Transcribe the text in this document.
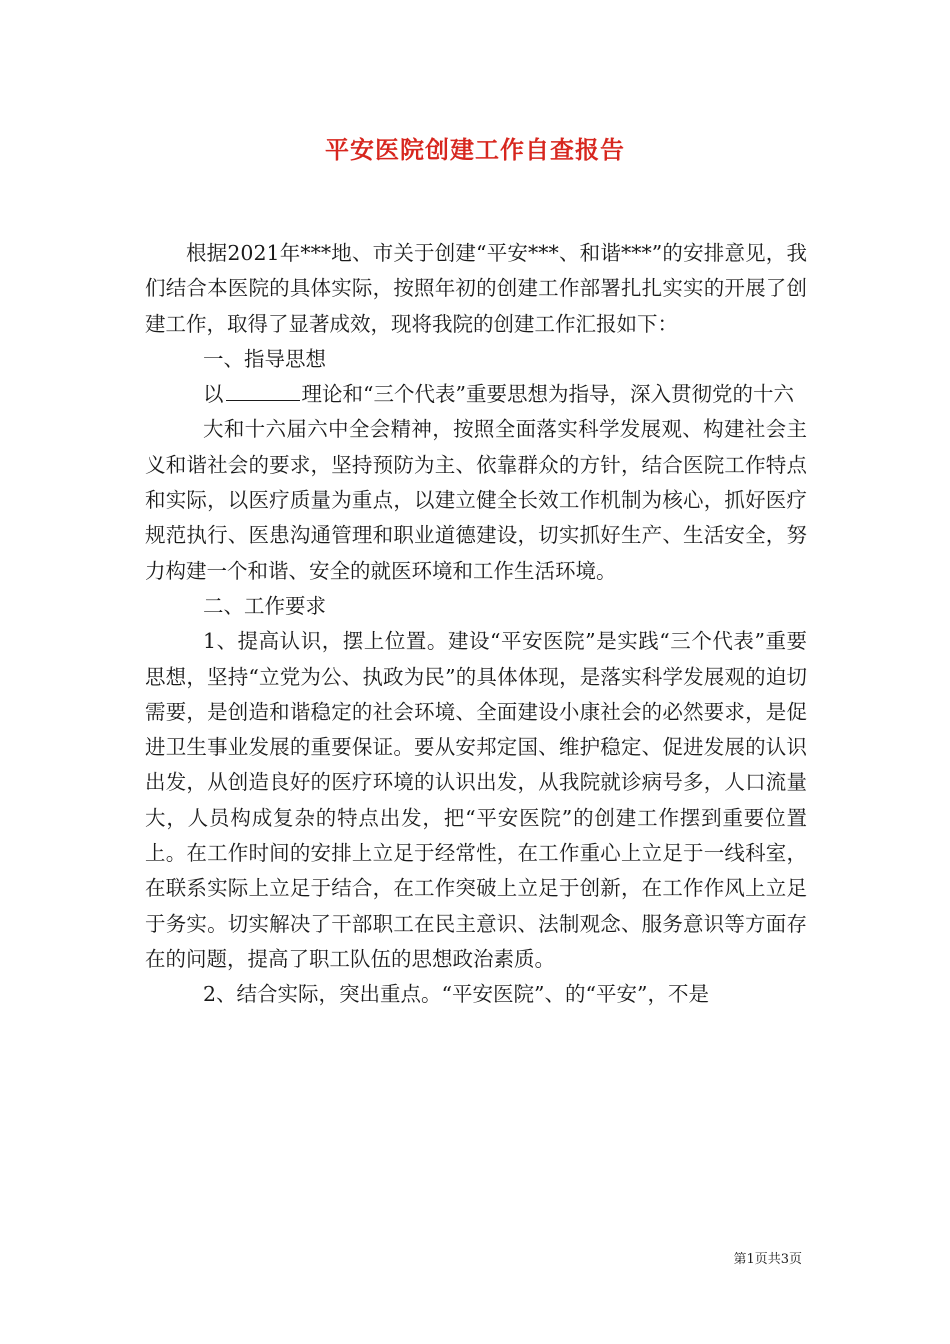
平安医院创建工作自查报告

根据2021年***地、市关于创建“平安***、和谐***”的安排意见，我们结合本医院的具体实际，按照年初的创建工作部署扎扎实实的开展了创建工作，取得了显著成效，现将我院的创建工作汇报如下：

一、指导思想

以	理论和“三个代表”重要思想为指导，深入贯彻党的十六

大和十六届六中全会精神，按照全面落实科学发展观、构建社会主义和谐社会的要求，坚持预防为主、依靠群众的方针，结合医院工作特点和实际，以医疗质量为重点，以建立健全长效工作机制为核心，抓好医疗规范执行、医患沟通管理和职业道德建设，切实抓好生产、生活安全，努力构建一个和谐、安全的就医环境和工作生活环境。

二、工作要求

1、提高认识，摆上位置。建设“平安医院”是实践“三个代表”重要思想，坚持“立党为公、执政为民”的具体体现，是落实科学发展观的迫切需要，是创造和谐稳定的社会环境、全面建设小康社会的必然要求，是促进卫生事业发展的重要保证。要从安邦定国、维护稳定、促进发展的认识出发，从创造良好的医疗环境的认识出发，从我院就诊病号多，人口流量大，人员构成复杂的特点出发，把“平安医院”的创建工作摆到重要位置上。在工作时间的安排上立足于经常性，在工作重心上立足于一线科室，在联系实际上立足于结合，在工作突破上立足于创新，在工作作风上立足于务实。切实解决了干部职工在民主意识、法制观念、服务意识等方面存在的问题，提高了职工队伍的思想政治素质。

2、结合实际，突出重点。“平安医院”、的“平安”，不是

第1页共3页
